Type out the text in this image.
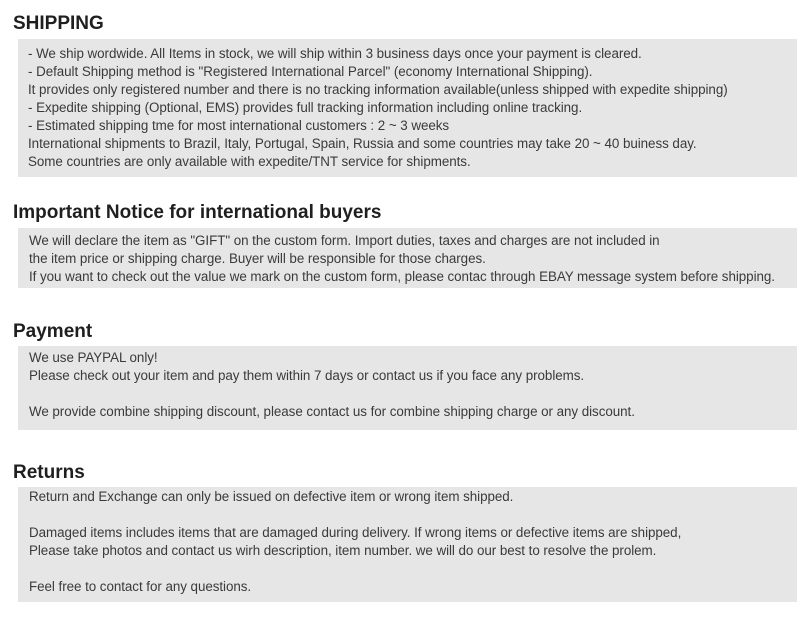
SHIPPING
- We ship wordwide. All Items in stock, we will ship within 3 business days once your payment is cleared.
- Default Shipping method is "Registered International Parcel" (economy International Shipping).
It provides only registered number and there is no tracking information available(unless shipped with expedite shipping)
- Expedite shipping (Optional, EMS) provides full tracking information including online tracking.
- Estimated shipping tme for most international customers : 2 ~ 3 weeks
International shipments to Brazil, Italy, Portugal, Spain, Russia and some countries may take 20 ~ 40 buiness day.
Some countries are only available with expedite/TNT service for shipments.
Important Notice for international buyers
We will declare the item as "GIFT" on the custom form. Import duties, taxes and charges are not included in
the item price or shipping charge. Buyer will be responsible for those charges.
If you want to check out the value we mark on the custom form, please contac through EBAY message system before shipping.
Payment
We use PAYPAL only!
Please check out your item and pay them within 7 days or contact us if you face any problems.
We provide combine shipping discount, please contact us for combine shipping charge or any discount.
Returns
Return and Exchange can only be issued on defective item or wrong item shipped.
Damaged items includes items that are damaged during delivery. If wrong items or defective items are shipped,
Please take photos and contact us wirh description, item number. we will do our best to resolve the prolem.
Feel free to contact for any questions.
